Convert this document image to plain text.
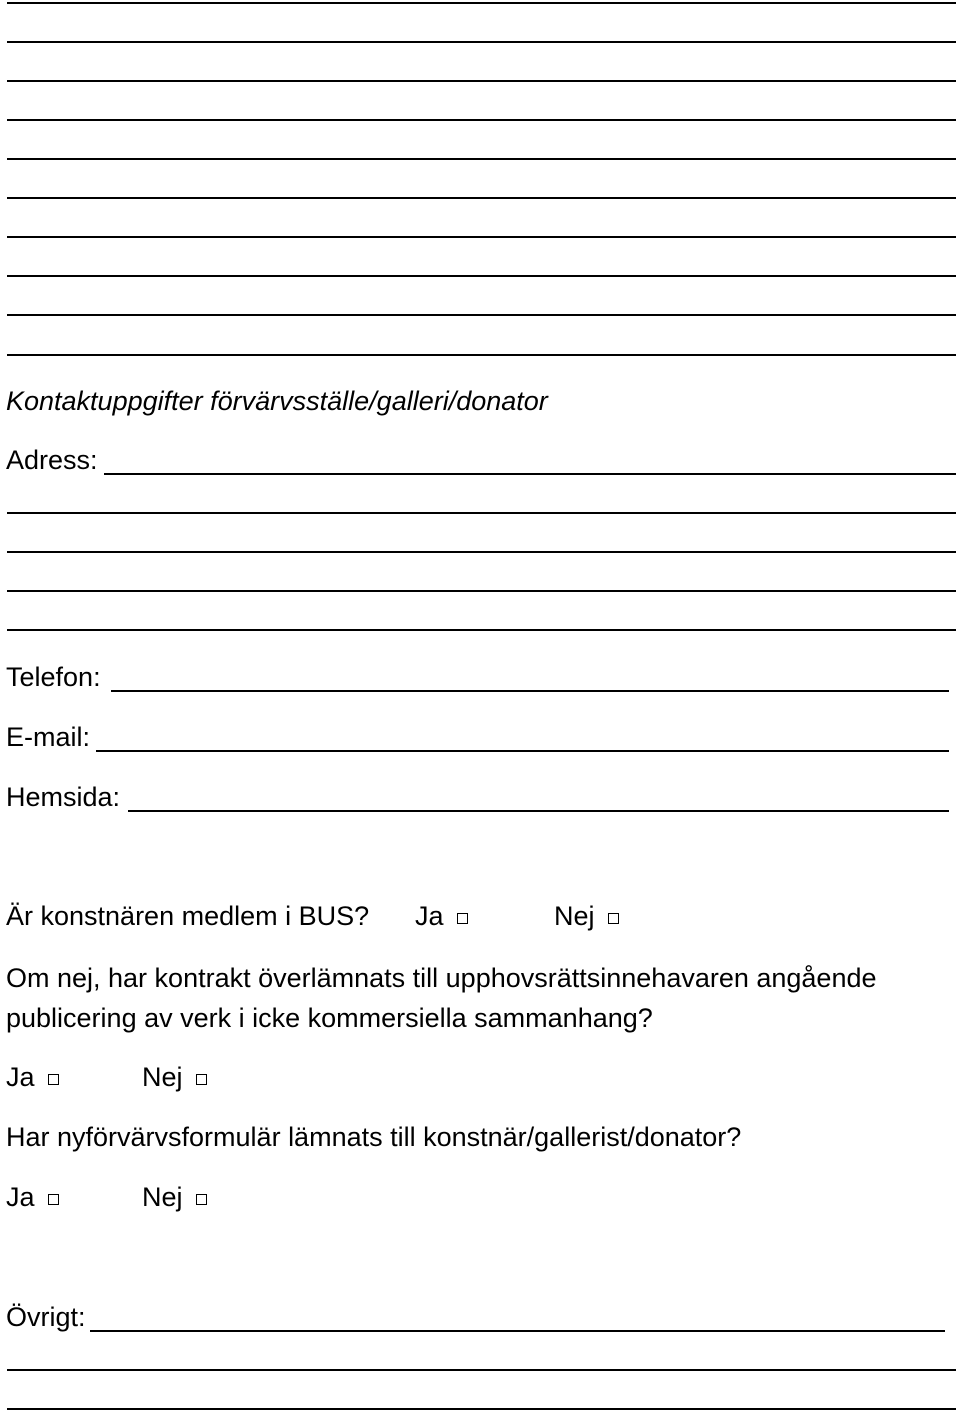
Kontaktuppgifter förvärvsställe/galleri/donator
Adress:
Telefon:
E-mail:
Hemsida:
Är konstnären medlem i BUS? Ja	Nej
Om nej, har kontrakt överlämnats till upphovsrättsinnehavaren angående publicering av verk i icke kommersiella sammanhang?
Ja	Nej
Har nyförvärvsformulär lämnats till konstnär/gallerist/donator?
Ja	Nej
Övrigt:
